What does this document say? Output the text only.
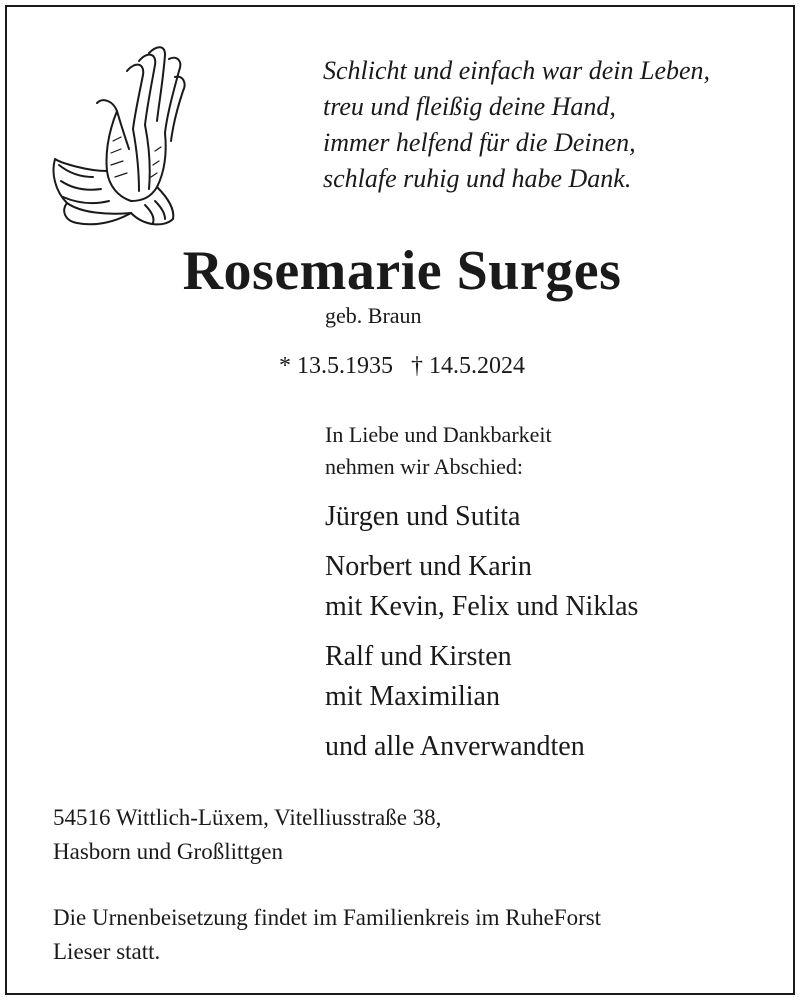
Schlicht und einfach war dein Leben,
treu und fleißig deine Hand,
immer helfend für die Deinen,
schlafe ruhig und habe Dank.
Rosemarie Surges
geb. Braun
* 13.5.1935   † 14.5.2024
In Liebe und Dankbarkeit
nehmen wir Abschied:
Jürgen und Sutita
Norbert und Karin
mit Kevin, Felix und Niklas
Ralf und Kirsten
mit Maximilian
und alle Anverwandten
54516 Wittlich-Lüxem, Vitelliusstraße 38,
Hasborn und Großlittgen
Die Urnenbeisetzung findet im Familienkreis im RuheForst
Lieser statt.
